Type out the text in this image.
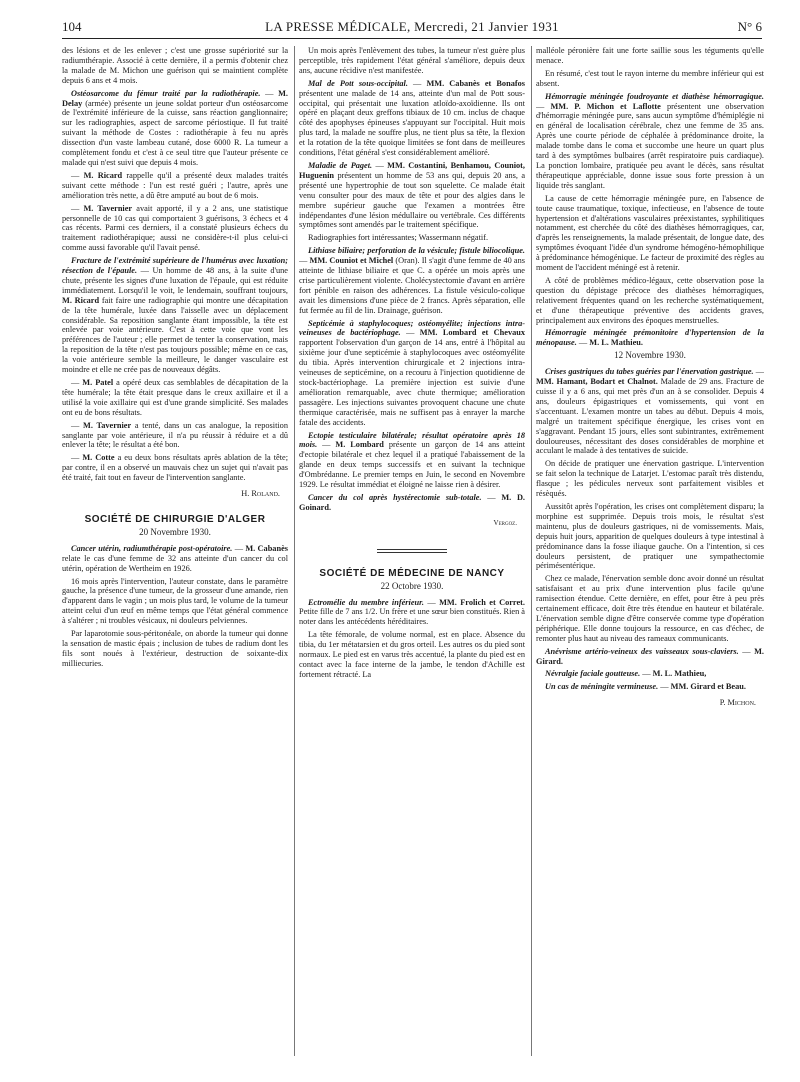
104	LA PRESSE MÉDICALE, Mercredi, 21 Janvier 1931	N° 6

des lésions et de les enlever ; c'est une grosse supériorité sur la radiumthérapie. Associé à cette dernière, il a permis d'obtenir chez la malade de M. Michon une guérison qui se maintient complète depuis 6 ans et 4 mois.

Ostéosarcome du fémur traité par la radiothérapie. — M. Delay (armée) présente un jeune soldat porteur d'un ostéosarcome de l'extrémité inférieure de la cuisse, sans réaction ganglionnaire; sur les radiographies, aspect de sarcome périostique. Il fut traité suivant la méthode de Costes : radiothérapie à feu nu après dissection d'un vaste lambeau cutané, dose 6000 R. La tumeur a complètement fondu et c'est à ce seul titre que l'auteur présente ce malade qui n'est suivi que depuis 4 mois.

— M. Ricard rappelle qu'il a présenté deux malades traités suivant cette méthode : l'un est resté guéri ; l'autre, après une amélioration très nette, a dû être amputé au bout de 6 mois.

— M. Tavernier avait apporté, il y a 2 ans, une statistique personnelle de 10 cas qui comportaient 3 guérisons, 3 échecs et 4 cas récents. Parmi ces derniers, il a constaté plusieurs échecs du traitement radiothérapique; aussi ne considère-t-il plus celui-ci comme aussi favorable qu'il l'avait pensé.

Fracture de l'extrémité supérieure de l'humérus avec luxation; résection de l'épaule. — Un homme de 48 ans, à la suite d'une chute, présente les signes d'une luxation de l'épaule, qui est réduite immédiatement. Lorsqu'il le voit, le lendemain, souffrant toujours, M. Ricard fait faire une radiographie qui montre une décapitation de la tête humérale, luxée dans l'aisselle avec un déplacement considérable. Sa reposition sanglante étant impossible, la tête est enlevée par voie antérieure. C'est à cette voie que vont les préférences de l'auteur ; elle permet de tenter la conservation, mais la reposition de la tête n'est pas toujours possible; même en ce cas, la voie antérieure semble la meilleure, le danger vasculaire est moindre et elle ne crée pas de nouveaux dégâts.

— M. Patel a opéré deux cas semblables de décapitation de la tête humérale; la tête était presque dans le creux axillaire et il a utilisé la voie axillaire qui est d'une grande simplicité. Ses malades ont eu de bons résultats.

— M. Tavernier a tenté, dans un cas analogue, la reposition sanglante par voie antérieure, il n'a pu réussir à réduire et a dû enlever la tête; le résultat a été bon.

— M. Cotte a eu deux bons résultats après ablation de la tête; par contre, il en a observé un mauvais chez un sujet qui n'avait pas été traité, fait tout en faveur de l'intervention sanglante.

H. Roland.

SOCIÉTÉ DE CHIRURGIE D'ALGER

20 Novembre 1930.

Cancer utérin, radiumthérapie post-opératoire. — M. Cabanès relate le cas d'une femme de 32 ans atteinte d'un cancer du col utérin, opération de Wertheim en 1926.

16 mois après l'intervention, l'auteur constate, dans le paramètre gauche, la présence d'une tumeur, de la grosseur d'une amande, rien d'apparent dans le vagin ; un mois plus tard, le volume de la tumeur atteint celui d'un œuf en même temps que l'état général commence à s'altérer ; ni troubles vésicaux, ni douleurs pelviennes.

Par laparotomie sous-péritonéale, on aborde la tumeur qui donne la sensation de mastic épais ; inclusion de tubes de radium dont les fils sont noués à l'extérieur, destruction de soixante-dix milliecuries.

Un mois après l'enlèvement des tubes, la tumeur n'est guère plus perceptible, très rapidement l'état général s'améliore, depuis deux ans, aucune récidive n'est manifestée.

Mal de Pott sous-occipital. — MM. Cabanès et Bonafos présentent une malade de 14 ans, atteinte d'un mal de Pott sous-occipital, qui présentait une luxation atloïdo-axoïdienne. Ils ont opéré en plaçant deux greffons tibiaux de 10 cm. inclus de chaque côté des apophyses épineuses s'appuyant sur l'occipital. Huit mois plus tard, la malade ne souffre plus, ne tient plus sa tête, la flexion et la rotation de la tête quoique limitées se font dans de meilleures conditions, l'état général s'est considérablement amélioré.

Maladie de Paget. — MM. Costantini, Benhamou, Couniot, Huguenin présentent un homme de 53 ans qui, depuis 20 ans, a présenté une hypertrophie de tout son squelette. Ce malade était venu consulter pour des maux de tête et pour des algies dans le membre supérieur gauche que l'examen a montrées être indépendantes d'une lésion médullaire ou vertébrale. Ces différents symptômes sont amendés par le traitement spécifique.

Radiographies fort intéressantes; Wassermann négatif.

Lithiase biliaire; perforation de la vésicule; fistule biliocolique. — MM. Couniot et Michel (Oran). Il s'agit d'une femme de 40 ans atteinte de lithiase biliaire et que C. a opérée un mois après une crise particulièrement violente. Cholécystectomie d'avant en arrière fort pénible en raison des adhérences. La fistule vésiculo-colique avait les dimensions d'une pièce de 2 francs. Après séparation, elle fut fermée au fil de lin. Drainage, guérison.

Septicémie à staphylocoques; ostéomyélite; injections intra-veineuses de bactériophage. — MM. Lombard et Chevaux rapportent l'observation d'un garçon de 14 ans, entré à l'hôpital au sixième jour d'une septicémie à staphylocoques avec ostéomyélite du tibia. Après intervention chirurgicale et 2 injections intra-veineuses de septicémine, on a recouru à l'injection quotidienne de stock-bactériophage. La première injection est suivie d'une amélioration remarquable, avec chute thermique; amélioration passagère. Les injections suivantes provoquent chacune une chute thermique caractérisée, mais ne suffisent pas à enrayer la marche fatale des accidents.

Ectopie testiculaire bilatérale; résultat opératoire après 18 mois. — M. Lombard présente un garçon de 14 ans atteint d'ectopie bilatérale et chez lequel il a pratiqué l'abaissement de la glande en deux temps successifs et en suivant la technique d'Ombrédanne. Le premier temps en Juin, le second en Novembre 1929. Le résultat immédiat et éloigné ne laisse rien à désirer.

Cancer du col après hystérectomie sub-totale. — M. D. Goinard.

Vergoz.

SOCIÉTÉ DE MÉDECINE DE NANCY

22 Octobre 1930.

Ectromélie du membre inférieur. — MM. Frolich et Corret. Petite fille de 7 ans 1/2. Un frère et une sœur bien constitués. Rien à noter dans les antécédents héréditaires.

La tête fémorale, de volume normal, est en place. Absence du tibia, du 1er métatarsien et du gros orteil. Les autres os du pied sont normaux. Le pied est en varus très accentué, la plante du pied est en contact avec la face interne de la jambe, le tendon d'Achille est fortement rétracté. La

malléole péronière fait une forte saillie sous les téguments qu'elle menace.

En résumé, c'est tout le rayon interne du membre inférieur qui est absent.

Hémorragie méningée foudroyante et diathèse hémorragique. — MM. P. Michon et Laflotte présentent une observation d'hémorragie méningée pure, sans aucun symptôme d'hémiplégie ni en général de localisation cérébrale, chez une femme de 35 ans. Après une courte période de céphalée à prédominance droite, la malade tombe dans le coma et succombe une heure un quart plus tard à des symptômes bulbaires (arrêt respiratoire puis cardiaque). La ponction lombaire, pratiquée peu avant le décès, sans résultat thérapeutique appréciable, donne issue sous forte pression à un liquide très sanglant.

La cause de cette hémorragie méningée pure, en l'absence de toute cause traumatique, toxique, infectieuse, en l'absence de toute hypertension et d'altérations vasculaires préexistantes, syphilitiques notamment, est cherchée du côté des diathèses hémorragiques, car, d'après les renseignements, la malade présentait, de longue date, des symptômes évoquant l'idée d'un syndrome hémogéno-hémophilique à prédominance hémogénique. Le facteur de proximité des règles au moment de l'accident méningé est à retenir.

A côté de problèmes médico-légaux, cette observation pose la question du dépistage précoce des diathèses hémorragiques, relativement fréquentes quand on les recherche systématiquement, et d'une thérapeutique préventive des accidents graves, principalement aux environs des époques menstruelles.

Hémorragie méningée prémonitoire d'hypertension de la ménopause. — M. L. Mathieu.

12 Novembre 1930.

Crises gastriques du tabes guéries par l'énervation gastrique. — MM. Hamant, Bodart et Chalnot. Malade de 29 ans. Fracture de cuisse il y a 6 ans, qui met près d'un an à se consolider. Depuis 4 ans, douleurs épigastriques et vomissements, qui vont en s'accentuant. L'examen montre un tabes au début. Depuis 4 mois, malgré un traitement spécifique énergique, les crises vont en s'aggravant. Pendant 15 jours, elles sont subintrantes, extrêmement douloureuses, nécessitant des doses considérables de morphine et acculant le malade à des tentatives de suicide.

On décide de pratiquer une énervation gastrique. L'intervention se fait selon la technique de Latarjet. L'estomac paraît très distendu, flasque ; les pédicules nerveux sont parfaitement visibles et résèqués.

Aussitôt après l'opération, les crises ont complètement disparu; la morphine est supprimée. Depuis trois mois, le résultat s'est maintenu, plus de douleurs gastriques, ni de vomissements. Mais, depuis huit jours, apparition de quelques douleurs à type intestinal à prédominance dans la fosse iliaque gauche. On a l'intention, si ces douleurs persistent, de pratiquer une sympathectomie périmésentérique.

Chez ce malade, l'énervation semble donc avoir donné un résultat satisfaisant et au prix d'une intervention plus facile qu'une ramisection étendue. Cette dernière, en effet, pour être à peu près certainement efficace, doit être très étendue en hauteur et bilatérale. L'énervation semble digne d'être conservée comme type d'opération périphérique. Elle donne toujours la ressource, en cas d'échec, de remonter plus haut au niveau des rameaux communicants.

Anévrisme artério-veineux des vaisseaux sous-claviers. — M. Girard.

Névralgie faciale goutteuse. — M. L. Mathieu,

Un cas de méningite vermineuse. — MM. Girard et Beau.

P. Michon.
